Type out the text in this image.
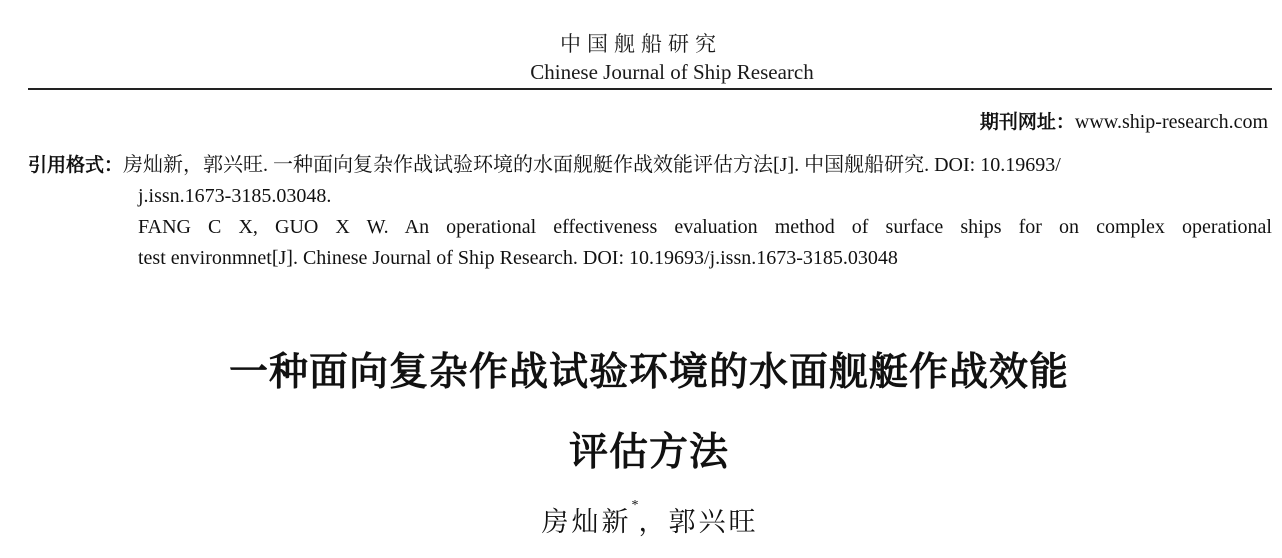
中国舰船研究
Chinese Journal of Ship Research
期刊网址：www.ship-research.com
引用格式：房灿新，郭兴旺. 一种面向复杂作战试验环境的水面舰艇作战效能评估方法[J]. 中国舰船研究. DOI: 10.19693/
j.issn.1673-3185.03048.
FANG C X, GUO X W. An operational effectiveness evaluation method of surface ships for on complex operational
test environmnet[J]. Chinese Journal of Ship Research. DOI: 10.19693/j.issn.1673-3185.03048
一种面向复杂作战试验环境的水面舰艇作战效能
评估方法
房灿新*，郭兴旺
